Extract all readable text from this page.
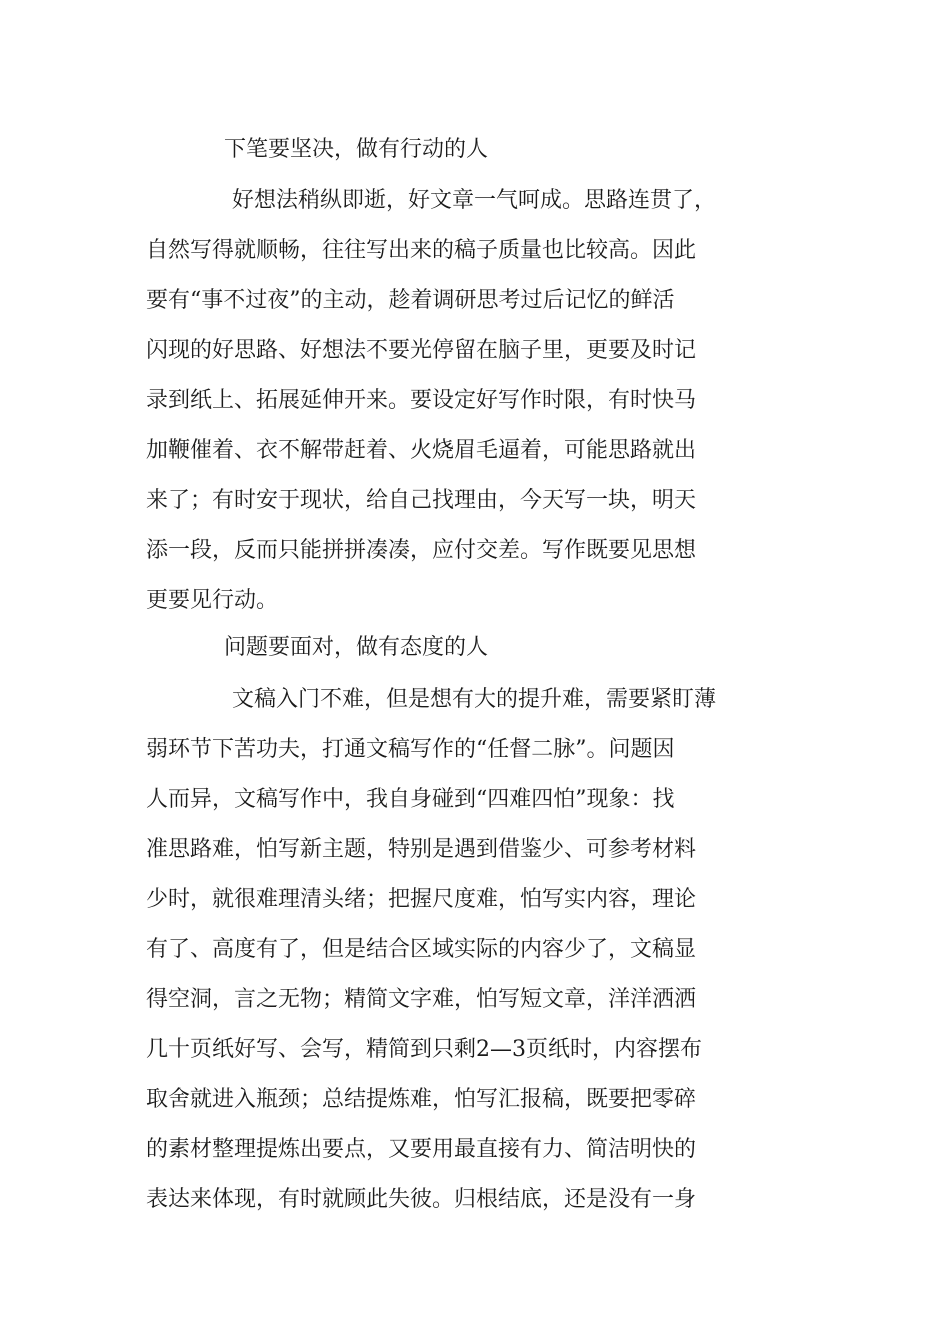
下笔要坚决，做有行动的人
好想法稍纵即逝，好文章一气呵成。思路连贯了，
自然写得就顺畅，往往写出来的稿子质量也比较高。因此
要有“事不过夜”的主动，趁着调研思考过后记忆的鲜活
闪现的好思路、好想法不要光停留在脑子里，更要及时记
录到纸上、拓展延伸开来。要设定好写作时限，有时快马
加鞭催着、衣不解带赶着、火烧眉毛逼着，可能思路就出
来了；有时安于现状，给自己找理由，今天写一块，明天
添一段，反而只能拼拼凑凑，应付交差。写作既要见思想
更要见行动。
问题要面对，做有态度的人
文稿入门不难，但是想有大的提升难，需要紧盯薄
弱环节下苦功夫，打通文稿写作的“任督二脉”。问题因
人而异，文稿写作中，我自身碰到“四难四怕”现象：找
准思路难，怕写新主题，特别是遇到借鉴少、可参考材料
少时，就很难理清头绪；把握尺度难，怕写实内容，理论
有了、高度有了，但是结合区域实际的内容少了，文稿显
得空洞，言之无物；精简文字难，怕写短文章，洋洋洒洒
几十页纸好写、会写，精简到只剩2—3页纸时，内容摆布
取舍就进入瓶颈；总结提炼难，怕写汇报稿，既要把零碎
的素材整理提炼出要点，又要用最直接有力、简洁明快的
表达来体现，有时就顾此失彼。归根结底，还是没有一身
